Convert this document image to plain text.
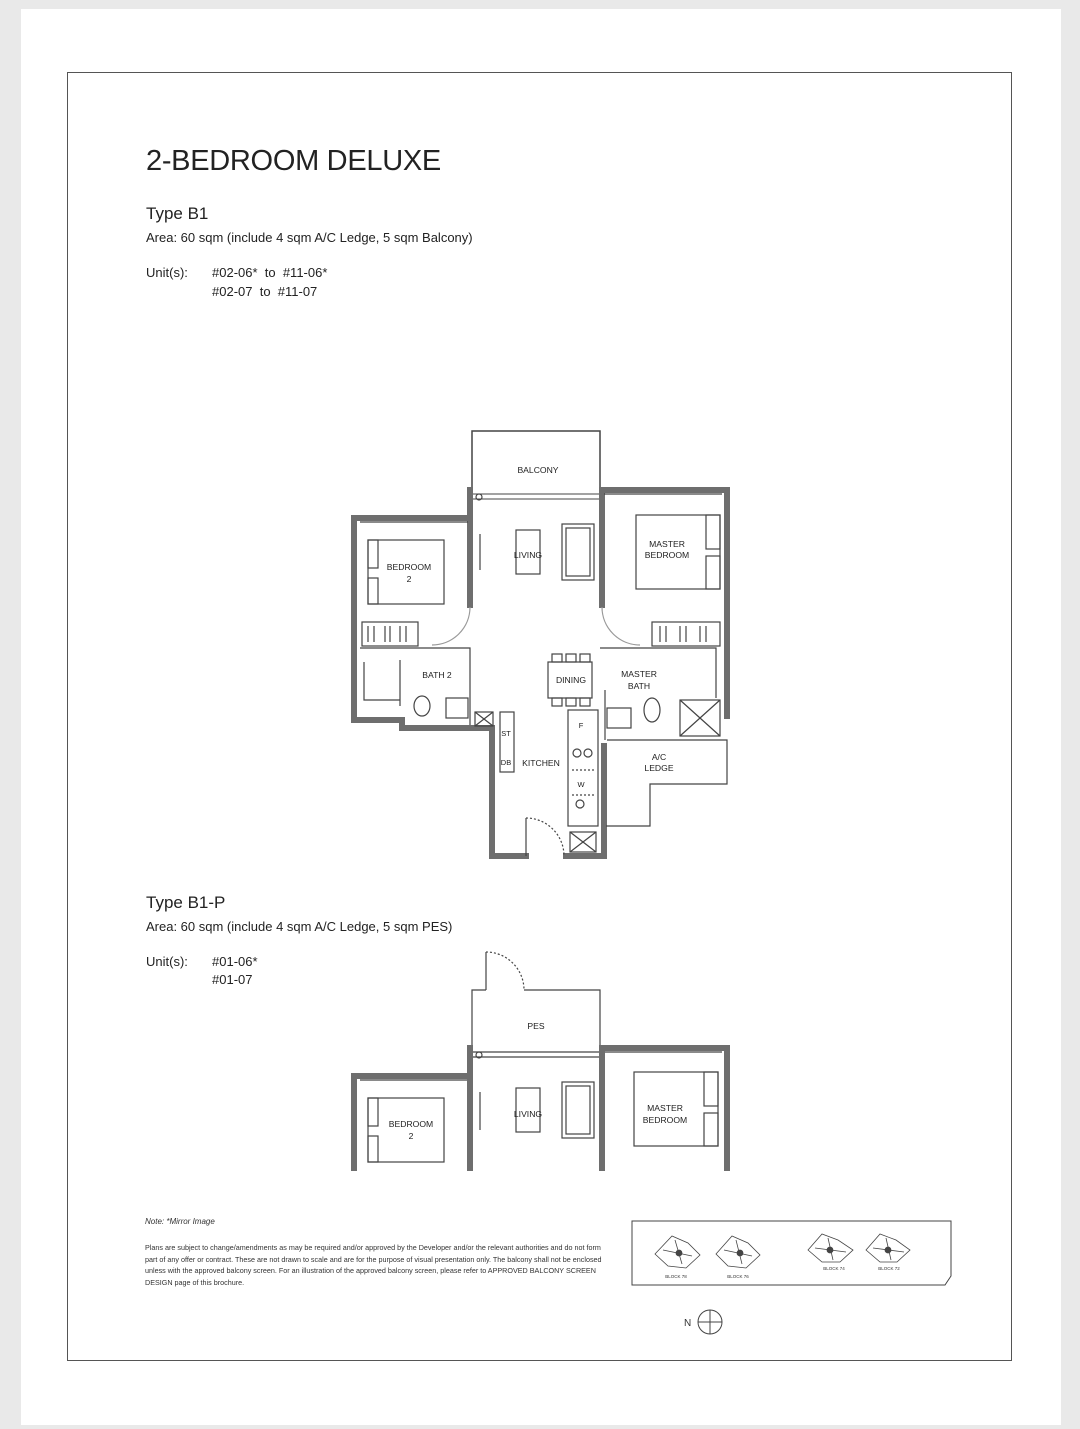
2-BEDROOM DELUXE
Type B1
Area: 60 sqm (include 4 sqm A/C Ledge, 5 sqm Balcony)
Unit(s): #02-06*  to  #11-06*
#02-07  to  #11-07
BALCONY
LIVING
MASTER
BEDROOM
BEDROOM
2
BATH 2	DINING
MASTER
BATH
A/C
LEDGE
KITCHEN
ST
DB
F
W
Type B1-P
Area: 60 sqm (include 4 sqm A/C Ledge, 5 sqm PES)
Unit(s): #01-06*
#01-07
PES
LIVING
MASTER
BEDROOM
BEDROOM
2
Note: *Mirror Image
Plans are subject to change/amendments as may be required and/or approved by the Developer and/or the relevant authorities and do not form part of any offer or contract. These are not drawn to scale and are for the purpose of visual presentation only. The balcony shall not be enclosed unless with the approved balcony screen. For an illustration of the approved balcony screen, please refer to APPROVED BALCONY SCREEN DESIGN page of this brochure.
BLOCK 78	BLOCK 76
BLOCK 74	BLOCK 72
N
